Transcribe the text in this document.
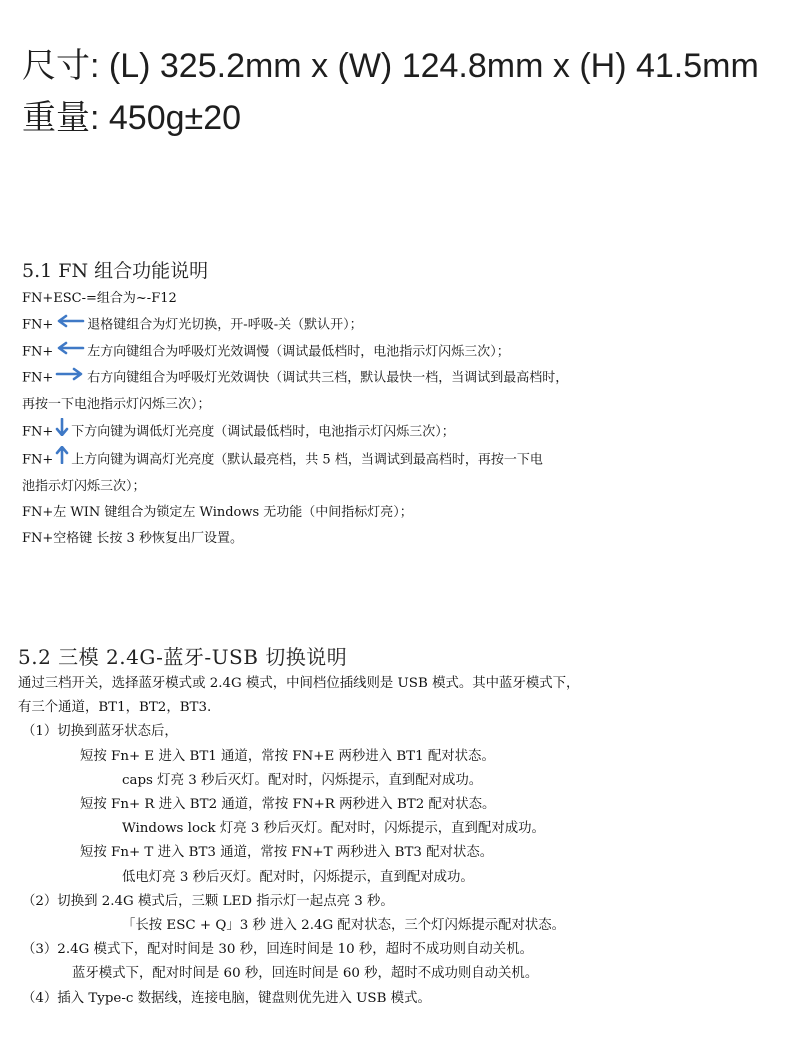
尺寸: (L) 325.2mm x (W) 124.8mm x (H) 41.5mm
重量: 450g±20
5.1 FN 组合功能说明
FN+ESC-=组合为~-F12
FN+	退格键组合为灯光切换，开-呼吸-关（默认开）；
FN+	左方向键组合为呼吸灯光效调慢（调试最低档时，电池指示灯闪烁三次）；
FN+	右方向键组合为呼吸灯光效调快（调试共三档，默认最快一档，当调试到最高档时，
再按一下电池指示灯闪烁三次）；
FN+ 下方向键为调低灯光亮度（调试最低档时，电池指示灯闪烁三次）；
FN+ 上方向键为调高灯光亮度（默认最亮档，共 5 档，当调试到最高档时，再按一下电
池指示灯闪烁三次）；
FN+左 WIN 键组合为锁定左 Windows 无功能（中间指标灯亮）；
FN+空格键 长按 3 秒恢复出厂设置。
5.2 三模 2.4G-蓝牙-USB 切换说明
通过三档开关，选择蓝牙模式或 2.4G 模式，中间档位插线则是 USB 模式。其中蓝牙模式下，
有三个通道，BT1，BT2，BT3.
（1）切换到蓝牙状态后，
短按 Fn+ E 进入 BT1 通道，常按 FN+E 两秒进入 BT1 配对状态。
caps 灯亮 3 秒后灭灯。配对时，闪烁提示，直到配对成功。
短按 Fn+ R 进入 BT2 通道，常按 FN+R 两秒进入 BT2 配对状态。
Windows lock 灯亮 3 秒后灭灯。配对时，闪烁提示，直到配对成功。
短按 Fn+ T 进入 BT3 通道，常按 FN+T 两秒进入 BT3 配对状态。
低电灯亮 3 秒后灭灯。配对时，闪烁提示，直到配对成功。
（2）切换到 2.4G 模式后，三颗 LED 指示灯一起点亮 3 秒。
「长按 ESC + Q」3 秒 进入 2.4G 配对状态，三个灯闪烁提示配对状态。
（3）2.4G 模式下，配对时间是 30 秒，回连时间是 10 秒，超时不成功则自动关机。
蓝牙模式下，配对时间是 60 秒，回连时间是 60 秒，超时不成功则自动关机。
（4）插入 Type-c 数据线，连接电脑，键盘则优先进入 USB 模式。
